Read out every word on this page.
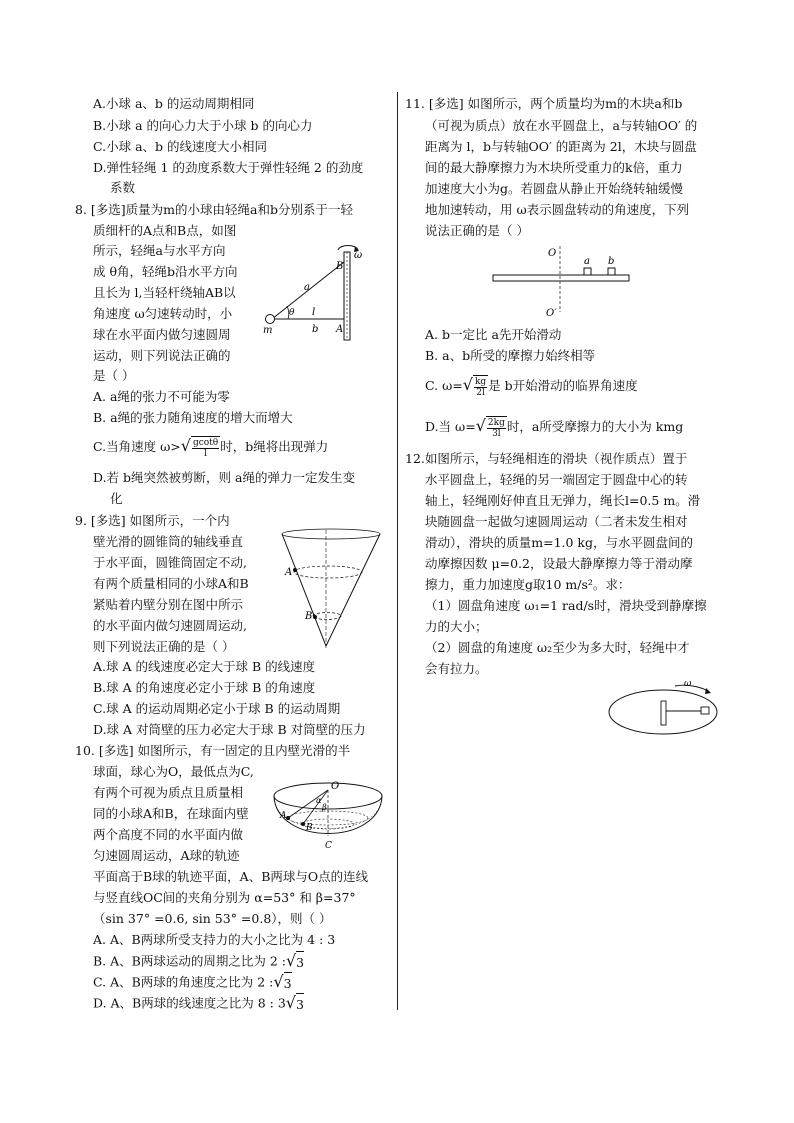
A.小球 a、b 的运动周期相同
B.小球 a 的向心力大于小球 b 的向心力
C.小球 a、b 的线速度大小相同
D.弹性轻绳 1 的劲度系数大于弹性轻绳 2 的劲度
系数
8. [多选]质量为m的小球由轻绳a和b分别系于一轻
质细杆的A点和B点，如图
所示，轻绳a与水平方向
成 θ角，轻绳b沿水平方向
且长为 l,当轻杆绕轴AB以
角速度 ω匀速转动时，小
球在水平面内做匀速圆周
运动，则下列说法正确的
是（ ）
ω
B
A
a
l
b
θ
m
A. a绳的张力不可能为零
B. a绳的张力随角速度的增大而增大
C.当角速度 ω> √ $\frac{gcot\theta}{l}$ 时，b绳将出现弹力
D.若 b绳突然被剪断，则 a绳的弹力一定发生变
化
9. [多选] 如图所示，一个内
壁光滑的圆锥筒的轴线垂直
于水平面，圆锥筒固定不动,
有两个质量相同的小球A和B
紧贴着内壁分别在图中所示
的水平面内做匀速圆周运动,
则下列说法正确的是（ ）
A
B
A.球 A 的线速度必定大于球 B 的线速度
B.球 A 的角速度必定小于球 B 的角速度
C.球 A 的运动周期必定小于球 B 的运动周期
D.球 A 对筒壁的压力必定大于球 B 对筒壁的压力
10. [多选] 如图所示，有一固定的且内壁光滑的半
球面，球心为O，最低点为C,
有两个可视为质点且质量相
同的小球A和B，在球面内壁
两个高度不同的水平面内做
匀速圆周运动，A球的轨迹
平面高于B球的轨迹平面，A、B两球与O点的连线
与竖直线OC间的夹角分别为 α=53° 和 β=37°
（sin 37° =0.6, sin 53° =0.8），则（ ）
O
A
B
C
α
β
A. A、B两球所受支持力的大小之比为 4 : 3
B. A、B两球运动的周期之比为 2 : √ 3
C. A、B两球的角速度之比为 2 : √ 3
D. A、B两球的线速度之比为 8 : 3 √ 3
11. [多选] 如图所示，两个质量均为m的木块a和b
（可视为质点）放在水平圆盘上，a与转轴OO′ 的
距离为 l，b与转轴OO′ 的距离为 2l，木块与圆盘
间的最大静摩擦力为木块所受重力的k倍，重力
加速度大小为g。若圆盘从静止开始绕转轴缓慢
地加速转动，用 ω表示圆盘转动的角速度，下列
说法正确的是（ ）
O
O′
a b
A. b一定比 a先开始滑动
B. a、b所受的摩擦力始终相等
C. ω= √ $\frac{kg}{2l}$ 是 b开始滑动的临界角速度
D.当 ω= √ $\frac{2kg}{3l}$ 时，a所受摩擦力的大小为 kmg
12.如图所示，与轻绳相连的滑块（视作质点）置于
水平圆盘上，轻绳的另一端固定于圆盘中心的转
轴上，轻绳刚好伸直且无弹力，绳长l=0.5 m。滑
块随圆盘一起做匀速圆周运动（二者未发生相对
滑动），滑块的质量m=1.0 kg，与水平圆盘间的
动摩擦因数 μ=0.2，设最大静摩擦力等于滑动摩
擦力，重力加速度g取10 m/s²。求：
（1）圆盘角速度 ω₁=1 rad/s时，滑块受到静摩擦
力的大小；
（2）圆盘的角速度 ω₂至少为多大时，轻绳中才
会有拉力。
ω
